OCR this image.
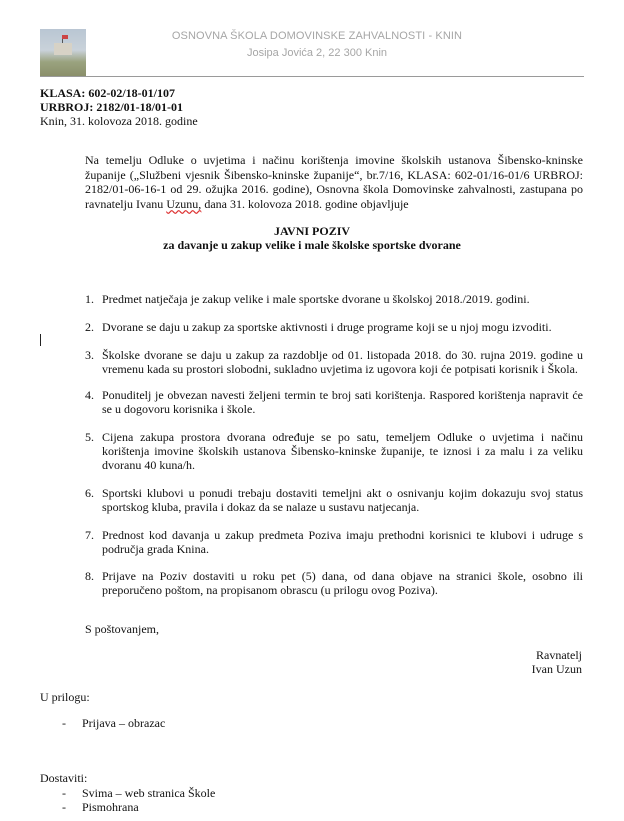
OSNOVNA ŠKOLA DOMOVINSKE ZAHVALNOSTI - KNIN
Josipa Jovića 2, 22 300 Knin
KLASA: 602-02/18-01/107
URBROJ: 2182/01-18/01-01
Knin, 31. kolovoza 2018. godine

Na temelju Odluke o uvjetima i načinu korištenja imovine školskih ustanova Šibensko-kninske županije („Službeni vjesnik Šibensko-kninske županije“, br.7/16, KLASA: 602-01/16-01/6 URBROJ: 2182/01-06-16-1 od 29. ožujka 2016. godine), Osnovna škola Domovinske zahvalnosti, zastupana po ravnatelju Ivanu Uzunu, dana 31. kolovoza 2018. godine objavljuje

JAVNI POZIV
za davanje u zakup velike i male školske sportske dvorane
1. Predmet natječaja je zakup velike i male sportske dvorane u školskoj 2018./2019. godini.
2. Dvorane se daju u zakup za sportske aktivnosti i druge programe koji se u njoj mogu izvoditi.
3. Školske dvorane se daju u zakup za razdoblje od 01. listopada 2018. do 30. rujna 2019. godine u vremenu kada su prostori slobodni, sukladno uvjetima iz ugovora koji će potpisati korisnik i Škola.
4. Ponuditelj je obvezan navesti željeni termin te broj sati korištenja. Raspored korištenja napravit će se u dogovoru korisnika i škole.
5. Cijena zakupa prostora dvorana određuje se po satu, temeljem Odluke o uvjetima i načinu korištenja imovine školskih ustanova Šibensko-kninske županije, te iznosi i za malu i za veliku dvoranu 40 kuna/h.
6. Sportski klubovi u ponudi trebaju dostaviti temeljni akt o osnivanju kojim dokazuju svoj status sportskog kluba, pravila i dokaz da se nalaze u sustavu natjecanja.
7. Prednost kod davanja u zakup predmeta Poziva imaju prethodni korisnici te klubovi i udruge s područja grada Knina.
8. Prijave na Poziv dostaviti u roku pet (5) dana, od dana objave na stranici škole, osobno ili preporučeno poštom, na propisanom obrascu (u prilogu ovog Poziva).
S poštovanjem,
Ravnatelj
Ivan Uzun
U prilogu:
- Prijava – obrazac
Dostaviti:
- Svima – web stranica Škole
- Pismohrana
